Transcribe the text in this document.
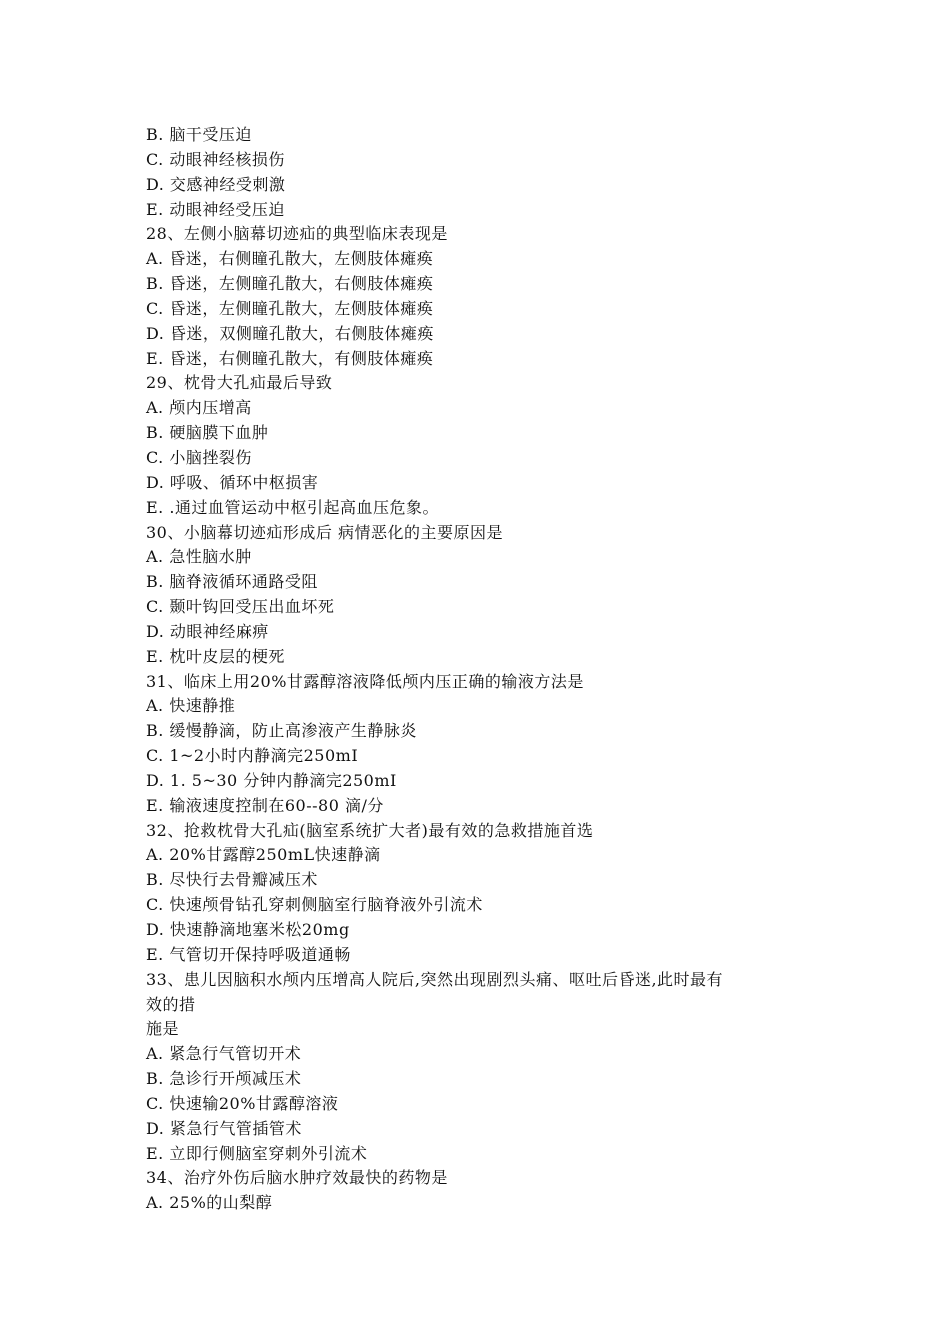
B. 脑干受压迫
C. 动眼神经核损伤
D. 交感神经受刺激
E. 动眼神经受压迫
28、左侧小脑幕切迹疝的典型临床表现是
A. 昏迷，右侧瞳孔散大，左侧肢体瘫痪
B. 昏迷，左侧瞳孔散大，右侧肢体瘫痪
C. 昏迷，左侧瞳孔散大，左侧肢体瘫痪
D. 昏迷，双侧瞳孔散大，右侧肢体瘫痪
E. 昏迷，右侧瞳孔散大，有侧肢体瘫痪
29、枕骨大孔疝最后导致
A. 颅内压增高
B. 硬脑膜下血肿
C. 小脑挫裂伤
D. 呼吸、循环中枢损害
E. .通过血管运动中枢引起高血压危象。
30、小脑幕切迹疝形成后 病情恶化的主要原因是
A. 急性脑水肿
B. 脑脊液循环通路受阻
C. 颞叶钩回受压出血坏死
D. 动眼神经麻痹
E. 枕叶皮层的梗死
31、临床上用20%甘露醇溶液降低颅内压正确的输液方法是
A. 快速静推
B. 缓慢静滴，防止高渗液产生静脉炎
C. 1~2小时内静滴完250mI
D. 1. 5~30 分钟内静滴完250mI
E. 输液速度控制在60--80 滴/分
32、抢救枕骨大孔疝(脑室系统扩大者)最有效的急救措施首选
A. 20%甘露醇250mL快速静滴
B. 尽快行去骨瓣减压术
C. 快速颅骨钻孔穿刺侧脑室行脑脊液外引流术
D. 快速静滴地塞米松20mg
E. 气管切开保持呼吸道通畅
33、患儿因脑积水颅内压增高人院后,突然出现剧烈头痛、呕吐后昏迷,此时最有
效的措
施是
A. 紧急行气管切开术
B. 急诊行开颅减压术
C. 快速输20%甘露醇溶液
D. 紧急行气管插管术
E. 立即行侧脑室穿刺外引流术
34、治疗外伤后脑水肿疗效最快的药物是
A. 25%的山梨醇
